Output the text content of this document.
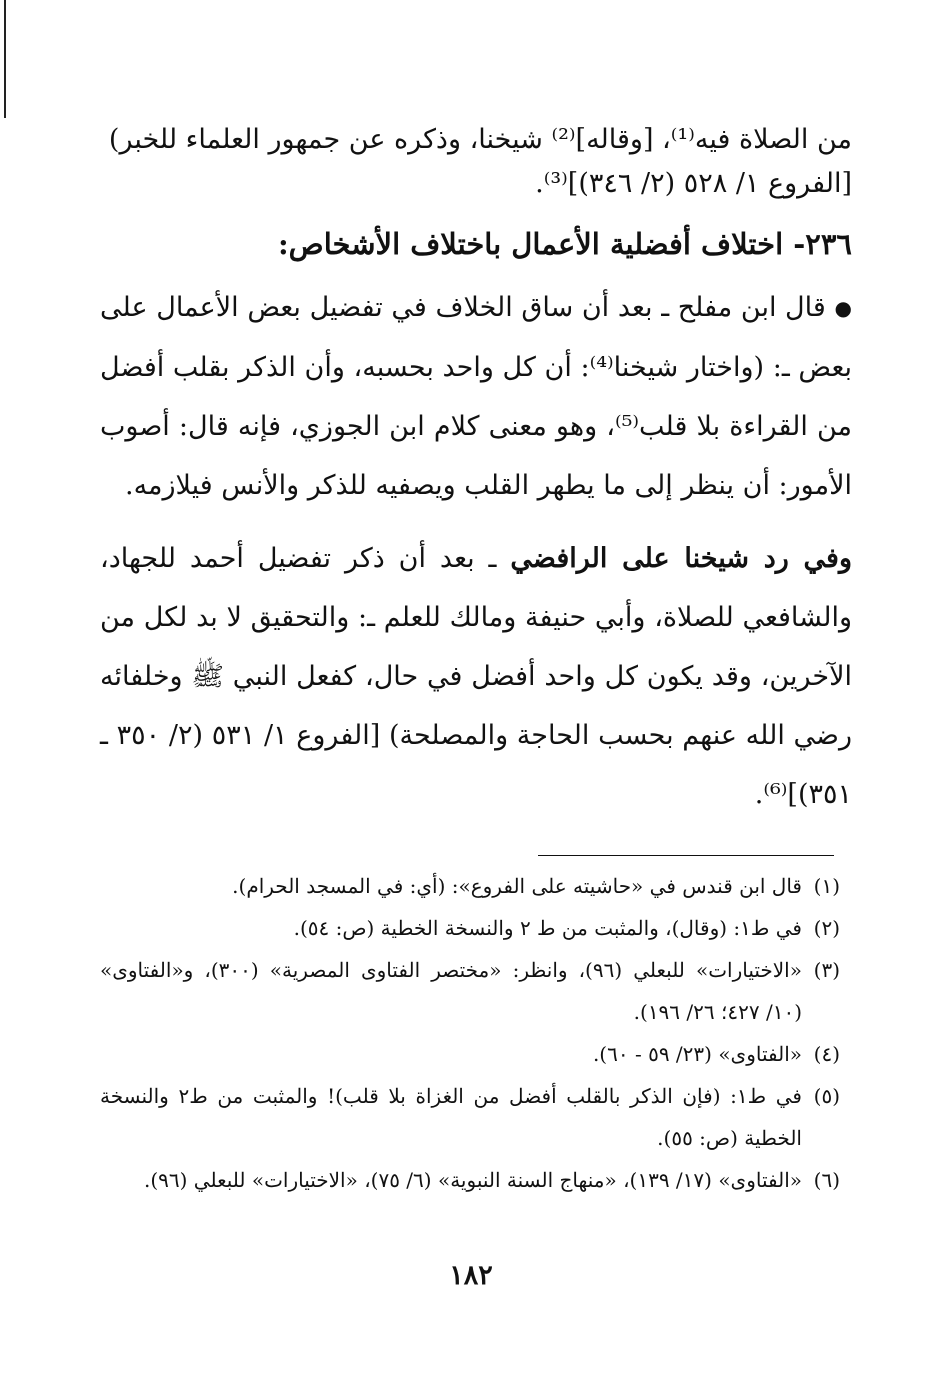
من الصلاة فيه⁽¹⁾، [وقاله]⁽²⁾ شيخنا، وذكره عن جمهور العلماء للخبر)

[الفروع ١/ ٥٢٨ (٢/ ٣٤٦)]⁽³⁾.

٢٣٦- اختلاف أفضلية الأعمال باختلاف الأشخاص:

● قال ابن مفلح ـ بعد أن ساق الخلاف في تفضيل بعض الأعمال على بعض ـ: (واختار شيخنا⁽⁴⁾: أن كل واحد بحسبه، وأن الذكر بقلب أفضل من القراءة بلا قلب⁽⁵⁾، وهو معنى كلام ابن الجوزي، فإنه قال: أصوب الأمور: أن ينظر إلى ما يطهر القلب ويصفيه للذكر والأنس فيلازمه.

وفي رد شيخنا على الرافضي ـ بعد أن ذكر تفضيل أحمد للجهاد، والشافعي للصلاة، وأبي حنيفة ومالك للعلم ـ: والتحقيق لا بد لكل من الآخرين، وقد يكون كل واحد أفضل في حال، كفعل النبي ﷺ وخلفائه رضي الله عنهم بحسب الحاجة والمصلحة) [الفروع ١/ ٥٣١ (٢/ ٣٥٠ ـ ٣٥١)]⁽⁶⁾.

(١)
قال ابن قندس في «حاشيته على الفروع»: (أي: في المسجد الحرام).
(٢)
في ط١: (وقال)، والمثبت من ط ٢ والنسخة الخطية (ص: ٥٤).
(٣)
«الاختيارات» للبعلي (٩٦)، وانظر: «مختصر الفتاوى المصرية» (٣٠٠)، و«الفتاوى» (١٠/ ٤٢٧؛ ٢٦/ ١٩٦).
(٤)
«الفتاوى» (٢٣/ ٥٩ - ٦٠).
(٥)
في ط١: (فإن الذكر بالقلب أفضل من الغزاة بلا قلب)! والمثبت من ط٢ والنسخة الخطية (ص: ٥٥).
(٦)
«الفتاوى» (١٧/ ١٣٩)، «منهاج السنة النبوية» (٦/ ٧٥)، «الاختيارات» للبعلي (٩٦).
١٨٢
